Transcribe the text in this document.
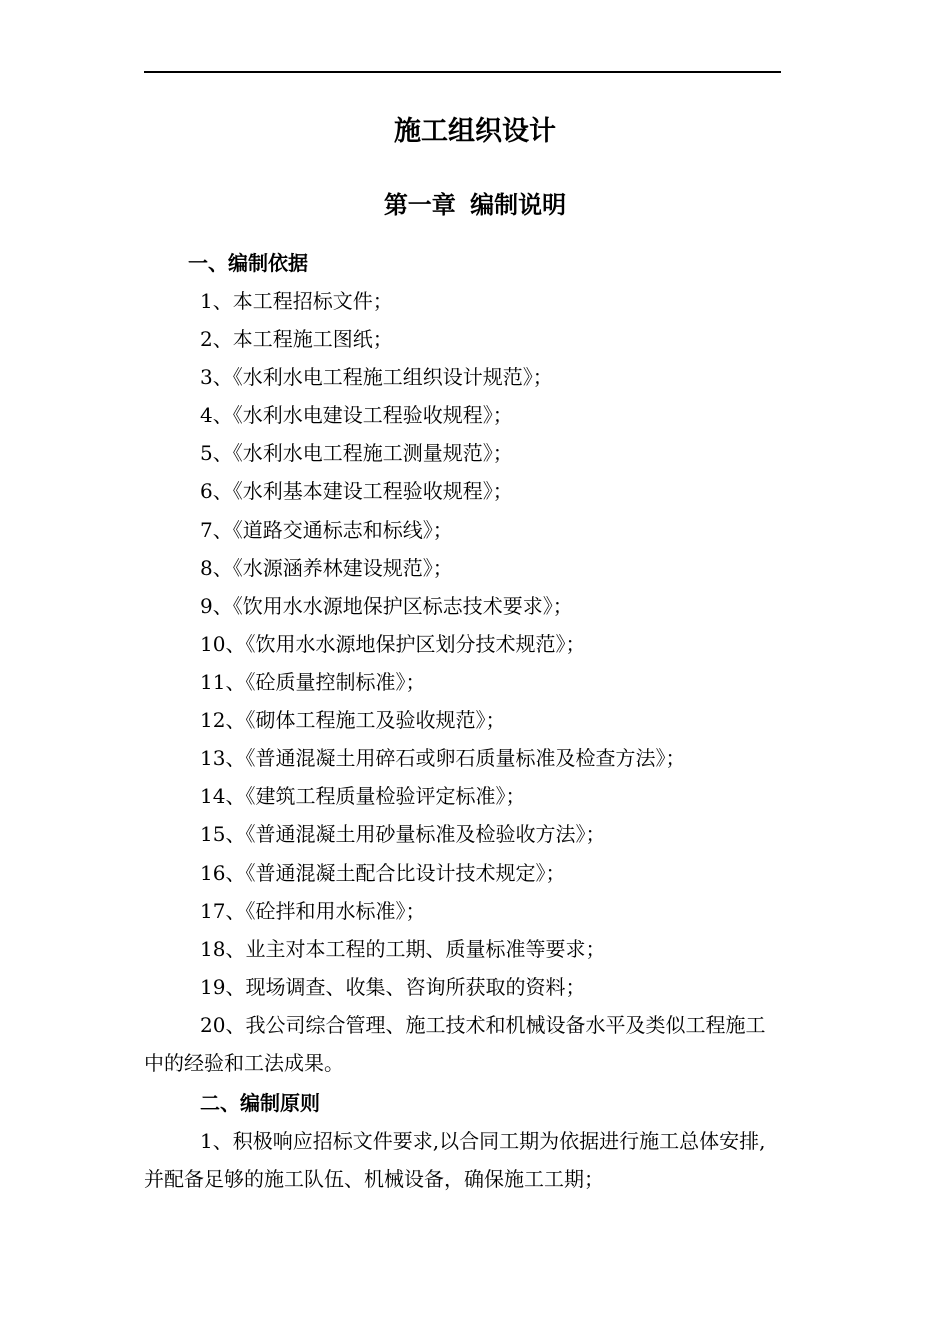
施工组织设计
第一章 编制说明
一、编制依据

1、本工程招标文件；

2、本工程施工图纸；

3、《水利水电工程施工组织设计规范》；

4、《水利水电建设工程验收规程》；

5、《水利水电工程施工测量规范》；

6、《水利基本建设工程验收规程》；

7、《道路交通标志和标线》；

8、《水源涵养林建设规范》；

9、《饮用水水源地保护区标志技术要求》；

10、《饮用水水源地保护区划分技术规范》；

11、《砼质量控制标准》；

12、《砌体工程施工及验收规范》；

13、《普通混凝土用碎石或卵石质量标准及检查方法》；

14、《建筑工程质量检验评定标准》；

15、《普通混凝土用砂量标准及检验收方法》；

16、《普通混凝土配合比设计技术规定》；

17、《砼拌和用水标准》；

18、业主对本工程的工期、质量标准等要求；

19、现场调查、收集、咨询所获取的资料；

20、我公司综合管理、施工技术和机械设备水平及类似工程施工中的经验和工法成果。

二、编制原则

1、积极响应招标文件要求,以合同工期为依据进行施工总体安排,并配备足够的施工队伍、机械设备，确保施工工期；
